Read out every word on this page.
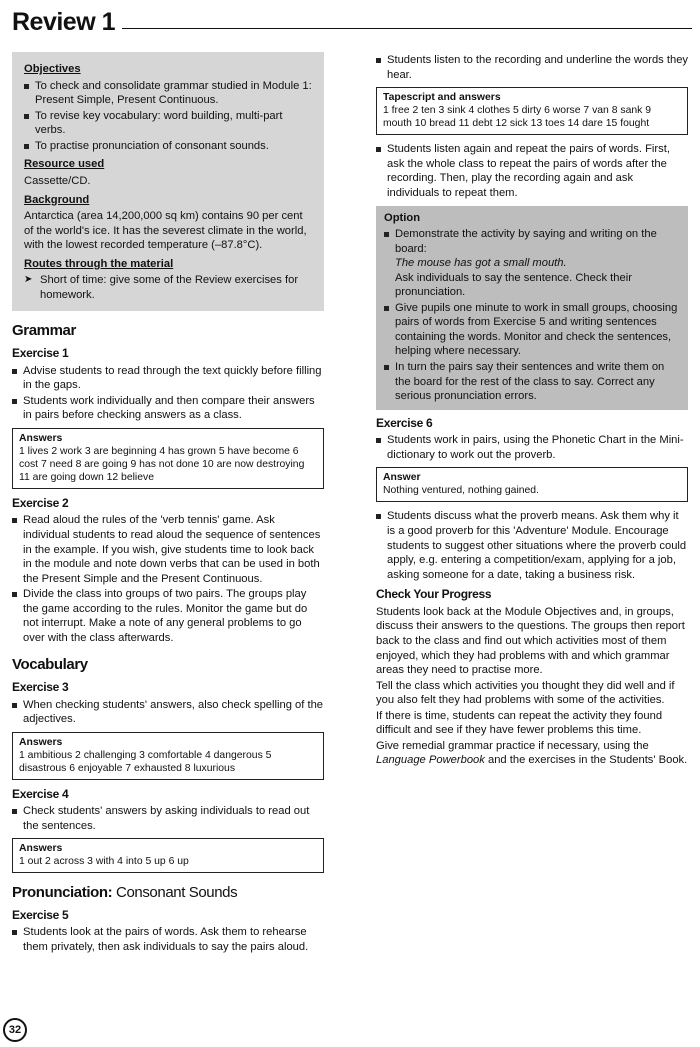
Review 1
Objectives
To check and consolidate grammar studied in Module 1: Present Simple, Present Continuous.
To revise key vocabulary: word building, multi-part verbs.
To practise pronunciation of consonant sounds.
Resource used

Cassette/CD.

Background

Antarctica (area 14,200,000 sq km) contains 90 per cent of the world's ice. It has the severest climate in the world, with the lowest recorded temperature (–87.8°C).

Routes through the material

➤ Short of time: give some of the Review exercises for homework.

Grammar
Exercise 1
Advise students to read through the text quickly before filling in the gaps.
Students work individually and then compare their answers in pairs before checking answers as a class.
Answers
1 lives 2 work 3 are beginning 4 has grown 5 have become 6 cost 7 need 8 are going 9 has not done 10 are now destroying 11 are going down 12 believe
Exercise 2
Read aloud the rules of the 'verb tennis' game. Ask individual students to read aloud the sequence of sentences in the example. If you wish, give students time to look back in the module and note down verbs that can be used in both the Present Simple and the Present Continuous.
Divide the class into groups of two pairs. The groups play the game according to the rules. Monitor the game but do not interrupt. Make a note of any general problems to go over with the class afterwards.
Vocabulary
Exercise 3
When checking students' answers, also check spelling of the adjectives.
Answers
1 ambitious 2 challenging 3 comfortable 4 dangerous 5 disastrous 6 enjoyable 7 exhausted 8 luxurious
Exercise 4
Check students' answers by asking individuals to read out the sentences.
Answers
1 out 2 across 3 with 4 into 5 up 6 up
Pronunciation: Consonant Sounds
Exercise 5
Students look at the pairs of words. Ask them to rehearse them privately, then ask individuals to say the pairs aloud.
Students listen to the recording and underline the words they hear.
Tapescript and answers
1 free 2 ten 3 sink 4 clothes 5 dirty 6 worse 7 van 8 sank 9 mouth 10 bread 11 debt 12 sick 13 toes 14 dare 15 fought
Students listen again and repeat the pairs of words. First, ask the whole class to repeat the pairs of words after the recording. Then, play the recording again and ask individuals to repeat them.
Option
Demonstrate the activity by saying and writing on the board:
The mouse has got a small mouth.
Ask individuals to say the sentence. Check their pronunciation.
Give pupils one minute to work in small groups, choosing pairs of words from Exercise 5 and writing sentences containing the words. Monitor and check the sentences, helping where necessary.
In turn the pairs say their sentences and write them on the board for the rest of the class to say. Correct any serious pronunciation errors.
Exercise 6
Students work in pairs, using the Phonetic Chart in the Mini-dictionary to work out the proverb.
Answer
Nothing ventured, nothing gained.
Students discuss what the proverb means. Ask them why it is a good proverb for this 'Adventure' Module. Encourage students to suggest other situations where the proverb could apply, e.g. entering a competition/exam, applying for a job, asking someone for a date, taking a business risk.
Check Your Progress

Students look back at the Module Objectives and, in groups, discuss their answers to the questions. The groups then report back to the class and find out which activities most of them enjoyed, which they had problems with and which grammar areas they need to practise more.

Tell the class which activities you thought they did well and if you also felt they had problems with some of the activities.

If there is time, students can repeat the activity they found difficult and see if they have fewer problems this time.

Give remedial grammar practice if necessary, using the Language Powerbook and the exercises in the Students' Book.

32
